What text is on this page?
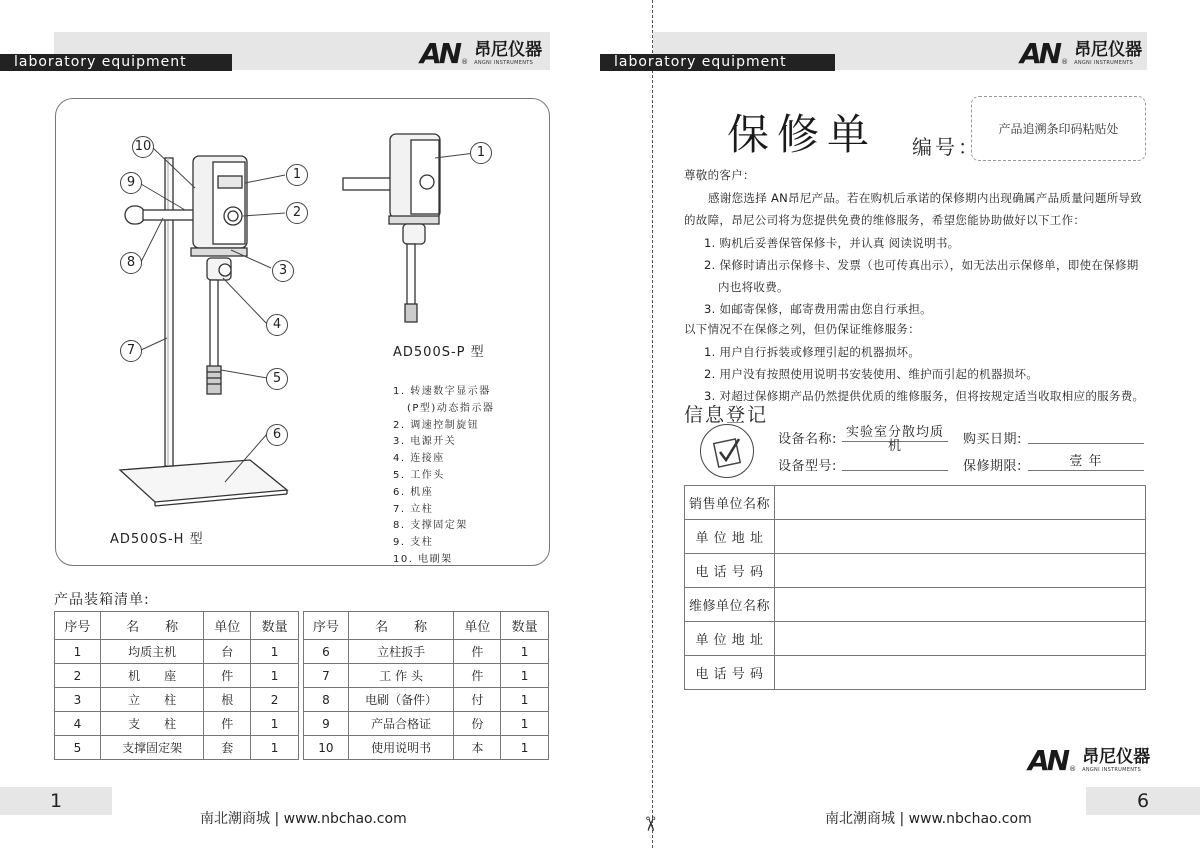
laboratory equipment	AN ®
昂尼仪器
ANGNI INSTRUMENTS
10
9
8
7
1
2
3
4
5
6
1
AD500S-H 型
AD500S-P 型
1. 转速数字显示器
(P型)动态指示器
2. 调速控制旋钮
3. 电源开关
4. 连接座
5. 工作头
6. 机座
7. 立柱
8. 支撑固定架
9. 支柱
10. 电刷架
产品装箱清单:
序号	名　　称	单位	数量
1	均质主机	台	1
2	机　　座	件	1
3	立　　柱	根	2
4	支　　柱	件	1
5	支撑固定架	套	1
序号	名　　称	单位	数量
6	立柱扳手	件	1
7	工 作 头	件	1
8	电刷（备件）	付	1
9	产品合格证	份	1
10	使用说明书	本	1
1
南北潮商城 | www.nbchao.com	✂
laboratory equipment	AN ®
昂尼仪器
ANGNI INSTRUMENTS
保修单 编号：
产品追溯条印码粘贴处
尊敬的客户：
感谢您选择 AN昂尼产品。若在购机后承诺的保修期内出现确属产品质量问题所导致
的故障，昂尼公司将为您提供免费的维修服务，希望您能协助做好以下工作：
1. 购机后妥善保管保修卡，并认真 阅读说明书。
2. 保修时请出示保修卡、发票（也可传真出示），如无法出示保修单，即使在保修期
内也将收费。
3. 如邮寄保修，邮寄费用需由您自行承担。
以下情况不在保修之列，但仍保证维修服务：
1. 用户自行拆装或修理引起的机器损坏。
2. 用户没有按照使用说明书安装使用、维护而引起的机器损坏。
3. 对超过保修期产品仍然提供优质的维修服务，但将按规定适当收取相应的服务费。
信息登记
设备名称: 实验室分散均质机	购买日期:
设备型号:	保修期限:	壹 年
销售单位名称	
单 位 地 址	
电 话 号 码	
维修单位名称	
单 位 地 址	
电 话 号 码	
AN ®
昂尼仪器
ANGNI INSTRUMENTS
6
南北潮商城 | www.nbchao.com
